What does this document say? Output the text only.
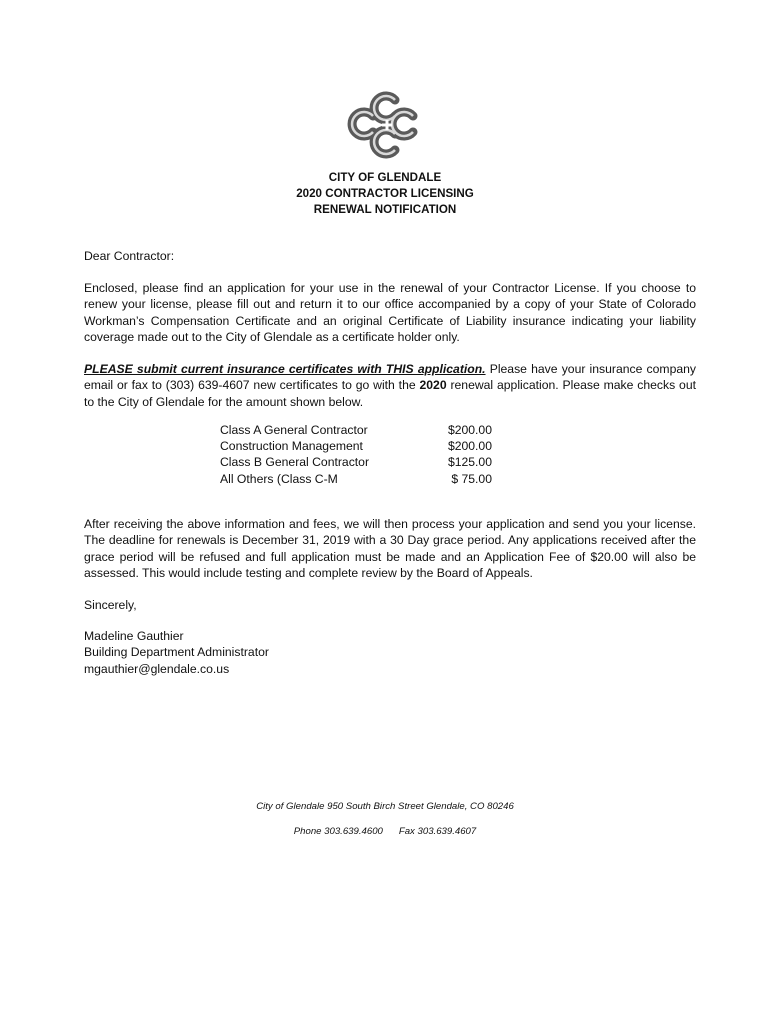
CITY OF GLENDALE
2020 CONTRACTOR LICENSING
RENEWAL NOTIFICATION
Dear Contractor:

Enclosed, please find an application for your use in the renewal of your Contractor License. If you choose to renew your license, please fill out and return it to our office accompanied by a copy of your State of Colorado Workman’s Compensation Certificate and an original Certificate of Liability insurance indicating your liability coverage made out to the City of Glendale as a certificate holder only.

PLEASE submit current insurance certificates with THIS application. Please have your insurance company email or fax to (303) 639-4607 new certificates to go with the 2020 renewal application. Please make checks out to the City of Glendale for the amount shown below.

Class A General Contractor	$200.00
Construction Management	$200.00
Class B General Contractor	$125.00
All Others (Class C-M	$ 75.00

After receiving the above information and fees, we will then process your application and send you your license. The deadline for renewals is December 31, 2019 with a 30 Day grace period. Any applications received after the grace period will be refused and full application must be made and an Application Fee of $20.00 will also be assessed. This would include testing and complete review by the Board of Appeals.

Sincerely,
Madeline Gauthier
Building Department Administrator
mgauthier@glendale.co.us
City of Glendale 950 South Birch Street Glendale, CO 80246
Phone 303.639.4600 Fax 303.639.4607
